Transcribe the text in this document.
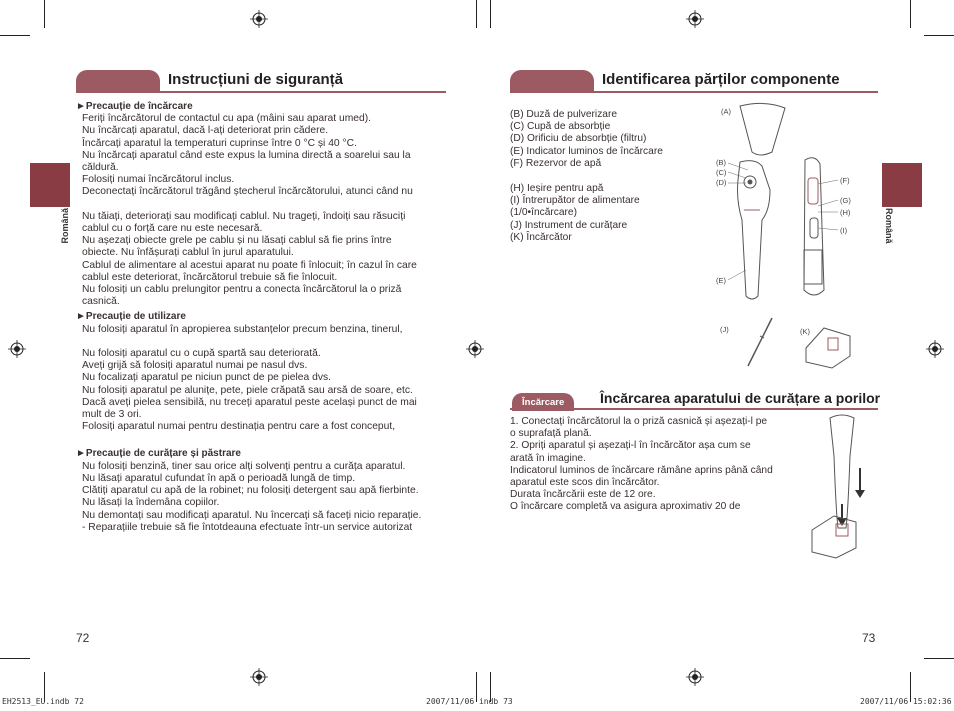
Instrucțiuni de siguranță
Română
►Precauție de încărcare
Feriți încărcătorul de contactul cu apa (mâini sau aparat umed).
Nu încărcați aparatul, dacă l-ați deteriorat prin cădere.
Încărcați aparatul la temperaturi cuprinse între 0 °C și 40 °C.
Nu încărcați aparatul când este expus la lumina directă a soarelui sau la
căldură.
Folosiți numai încărcătorul inclus.
Deconectați încărcătorul trăgând ștecherul încărcătorului, atunci când nu

Nu tăiați, deteriorați sau modificați cablul. Nu trageți, îndoiți sau răsuciți
cablul cu o forță care nu este necesară.
Nu așezați obiecte grele pe cablu și nu lăsați cablul să fie prins între
obiecte. Nu înfășurați cablul în jurul aparatului.
Cablul de alimentare al acestui aparat nu poate fi înlocuit; în cazul în care
cablul este deteriorat, încărcătorul trebuie să fie înlocuit.
Nu folosiți un cablu prelungitor pentru a conecta încărcătorul la o priză
casnică.
►Precauție de utilizare
Nu folosiți aparatul în apropierea substanțelor precum benzina, tinerul,

Nu folosiți aparatul cu o cupă spartă sau deteriorată.
Aveți grijă să folosiți aparatul numai pe nasul dvs.
Nu focalizați aparatul pe niciun punct de pe pielea dvs.
Nu folosiți aparatul pe alunițe, pete, piele crăpată sau arsă de soare, etc.
Dacă aveți pielea sensibilă, nu treceți aparatul peste același punct de mai
mult de 3 ori.
Folosiți aparatul numai pentru destinația pentru care a fost conceput,
►Precauție de curățare și păstrare
Nu folosiți benzină, tiner sau orice alți solvenți pentru a curăța aparatul.
Nu lăsați aparatul cufundat în apă o perioadă lungă de timp.
Clătiți aparatul cu apă de la robinet; nu folosiți detergent sau apă fierbinte.
Nu lăsați la îndemâna copiilor.
Nu demontați sau modificați aparatul. Nu încercați să faceți nicio reparație.
- Reparațiile trebuie să fie întotdeauna efectuate într-un service autorizat
72
Identificarea părților componente
Română
(B) Duză de pulverizare
(C) Cupă de absorbție
(D) Orificiu de absorbție (filtru)
(E) Indicator luminos de încărcare
(F) Rezervor de apă
(H) Ieșire pentru apă
(I) Întrerupător de alimentare
(1/0•încărcare)
(J) Instrument de curățare
(K) Încărcător
(A)
(B)
(C)
(D)
(E)
(F)
(G)
(H)
(I)
(J)	(K)
Încărcare	Încărcarea aparatului de curățare a porilor
1. Conectați încărcătorul la o priză casnică și așezați-l pe
o suprafață plană.
2. Opriți aparatul și așezați-l în încărcător așa cum se
arată în imagine.
Indicatorul luminos de încărcare rămâne aprins până când
aparatul este scos din încărcător.
Durata încărcării este de 12 ore.
O încărcare completă va asigura aproximativ 20 de
73
EH2513_EU.indb 72	2007/11/06 indb 73	2007/11/06 15:02:36
